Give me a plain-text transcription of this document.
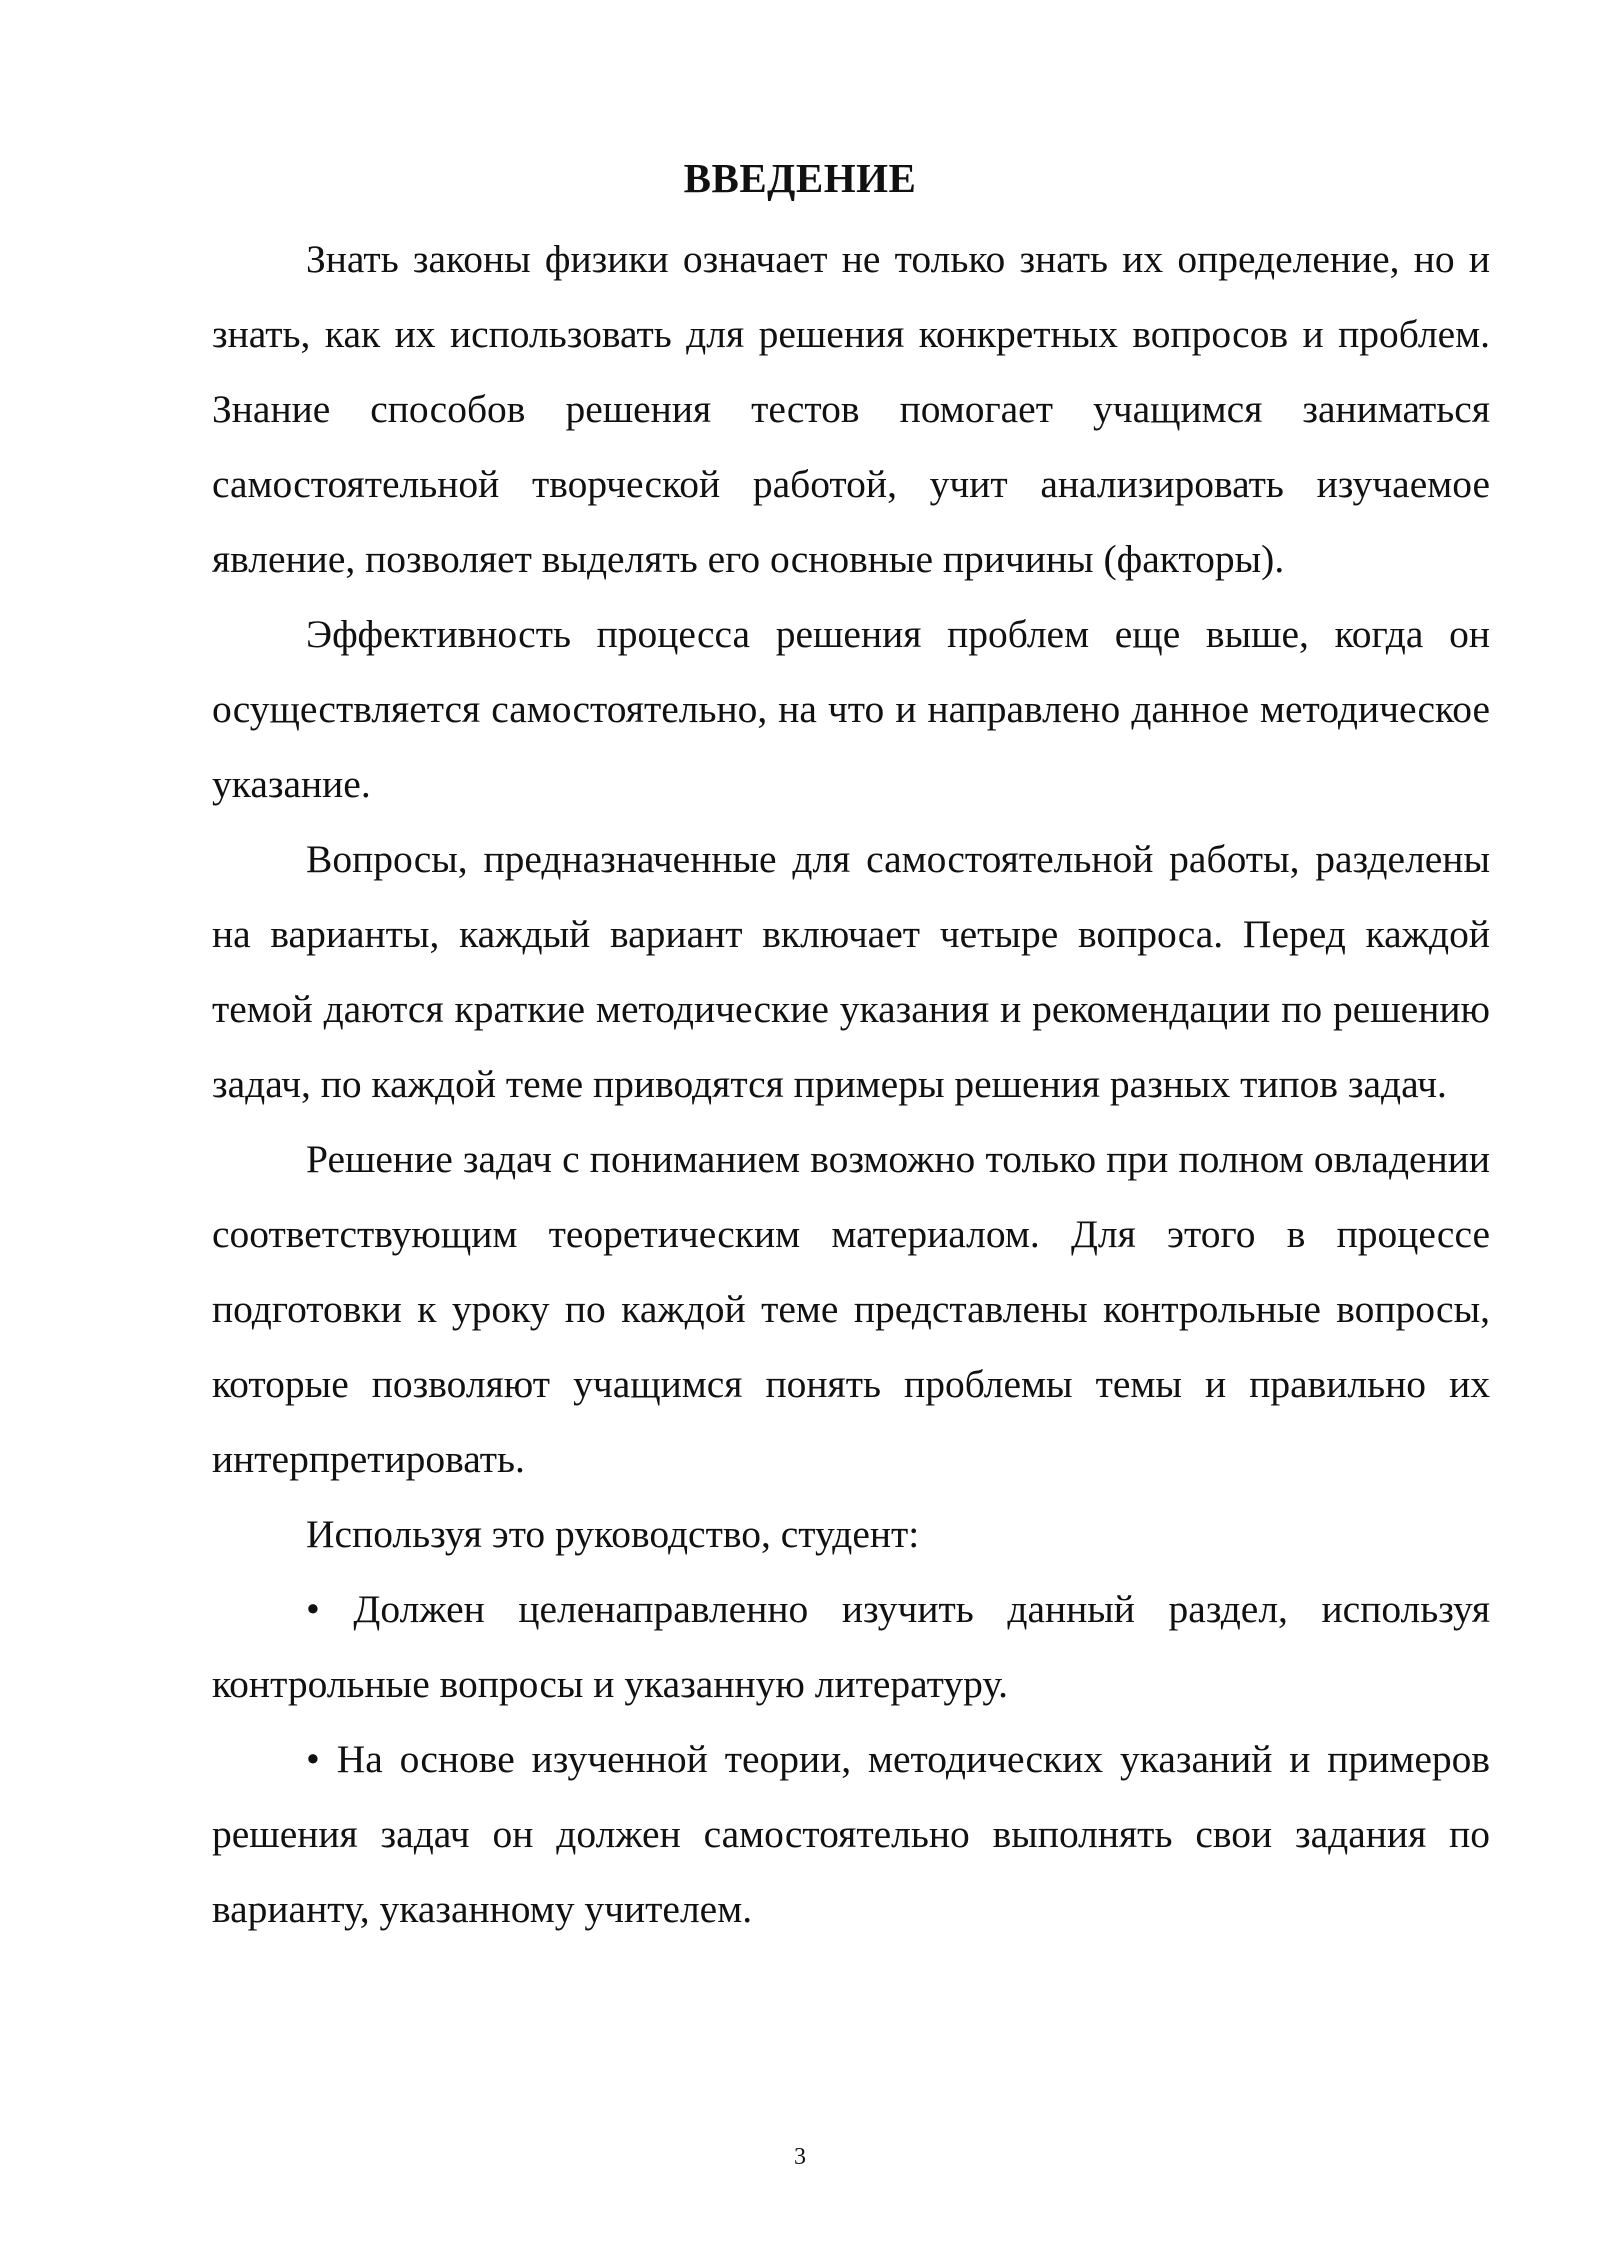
ВВЕДЕНИЕ

Знать законы физики означает не только знать их определение, но и знать, как их использовать для решения конкретных вопросов и проблем. Знание способов решения тестов помогает учащимся заниматься самостоятельной творческой работой, учит анализировать изучаемое явление, позволяет выделять его основные причины (факторы).

Эффективность процесса решения проблем еще выше, когда он осуществляется самостоятельно, на что и направлено данное методическое указание.

Вопросы, предназначенные для самостоятельной работы, разделены на варианты, каждый вариант включает четыре вопроса. Перед каждой темой даются краткие методические указания и рекомендации по решению задач, по каждой теме приводятся примеры решения разных типов задач.

Решение задач с пониманием возможно только при полном овладении соответствующим теоретическим материалом. Для этого в процессе подготовки к уроку по каждой теме представлены контрольные вопросы, которые позволяют учащимся понять проблемы темы и правильно их интерпретировать.

Используя это руководство, студент:

• Должен целенаправленно изучить данный раздел, используя контрольные вопросы и указанную литературу.

• На основе изученной теории, методических указаний и примеров решения задач он должен самостоятельно выполнять свои задания по варианту, указанному учителем.

3
